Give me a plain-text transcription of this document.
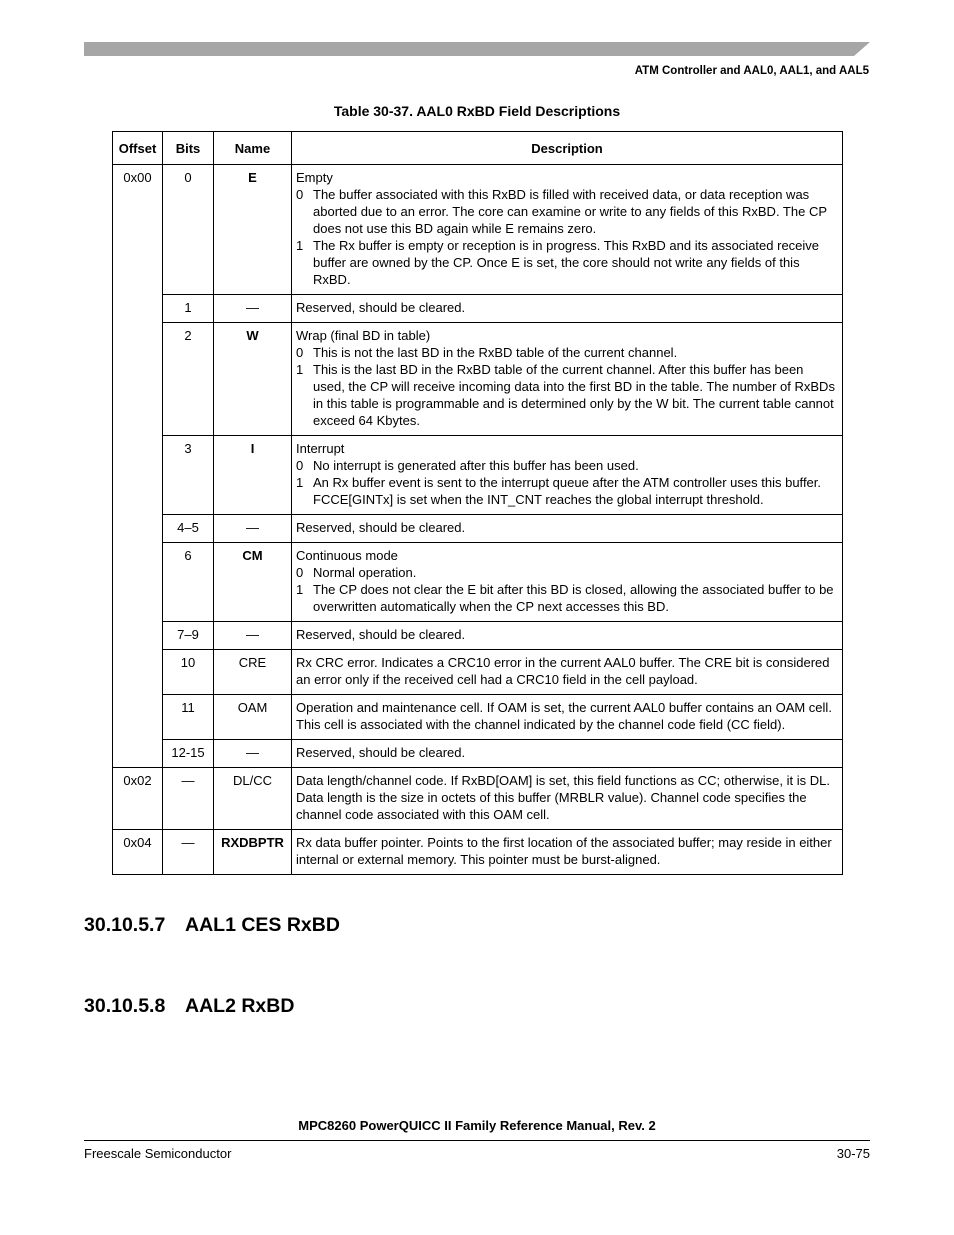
ATM Controller and AAL0, AAL1, and AAL5
Table 30-37. AAL0 RxBD Field Descriptions
Offset	Bits	Name	Description
0x00	0	E	Empty
0 The buffer associated with this RxBD is filled with received data, or data reception was aborted due to an error. The core can examine or write to any fields of this RxBD. The CP does not use this BD again while E remains zero.
1 The Rx buffer is empty or reception is in progress. This RxBD and its associated receive buffer are owned by the CP. Once E is set, the core should not write any fields of this RxBD.

	1	—	Reserved, should be cleared.
	2	W	Wrap (final BD in table)
0 This is not the last BD in the RxBD table of the current channel.
1 This is the last BD in the RxBD table of the current channel. After this buffer has been used, the CP will receive incoming data into the first BD in the table. The number of RxBDs in this table is programmable and is determined only by the W bit. The current table cannot exceed 64 Kbytes.

	3	I	Interrupt
0 No interrupt is generated after this buffer has been used.
1 An Rx buffer event is sent to the interrupt queue after the ATM controller uses this buffer. FCCE[GINTx] is set when the INT_CNT reaches the global interrupt threshold.

	4–5	—	Reserved, should be cleared.
	6	CM	Continuous mode
0 Normal operation.
1 The CP does not clear the E bit after this BD is closed, allowing the associated buffer to be overwritten automatically when the CP next accesses this BD.

	7–9	—	Reserved, should be cleared.
	10	CRE	Rx CRC error. Indicates a CRC10 error in the current AAL0 buffer. The CRE bit is considered an error only if the received cell had a CRC10 field in the cell payload.
	11	OAM	Operation and maintenance cell. If OAM is set, the current AAL0 buffer contains an OAM cell. This cell is associated with the channel indicated by the channel code field (CC field).
	12-15	—	Reserved, should be cleared.
0x02	—	DL/CC	Data length/channel code. If RxBD[OAM] is set, this field functions as CC; otherwise, it is DL. Data length is the size in octets of this buffer (MRBLR value). Channel code specifies the channel code associated with this OAM cell.
0x04	—	RXDBPTR	Rx data buffer pointer. Points to the first location of the associated buffer; may reside in either internal or external memory. This pointer must be burst-aligned.
30.10.5.7 AAL1 CES RxBD
30.10.5.8 AAL2 RxBD
MPC8260 PowerQUICC II Family Reference Manual, Rev. 2
Freescale Semiconductor	30-75
